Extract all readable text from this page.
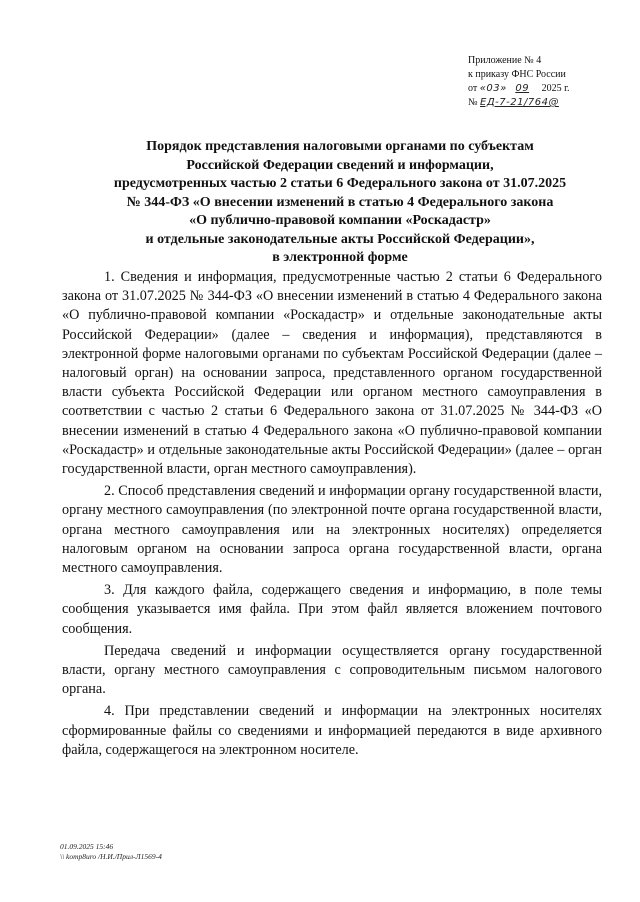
Приложение № 4
к приказу ФНС России
от «03» 09 2025 г.
№ ЕД-7-21/764@
Порядок представления налоговыми органами по субъектам
Российской Федерации сведений и информации,
предусмотренных частью 2 статьи 6 Федерального закона от 31.07.2025
№ 344-ФЗ «О внесении изменений в статью 4 Федерального закона
«О публично-правовой компании «Роскадастр»
и отдельные законодательные акты Российской Федерации»,
в электронной форме

1. Сведения и информация, предусмотренные частью 2 статьи 6 Федерального закона от 31.07.2025 № 344-ФЗ «О внесении изменений в статью 4 Федерального закона «О публично-правовой компании «Роскадастр» и отдельные законодательные акты Российской Федерации» (далее – сведения и информация), представляются в электронной форме налоговыми органами по субъектам Российской Федерации (далее – налоговый орган) на основании запроса, представленного органом государственной власти субъекта Российской Федерации или органом местного самоуправления в соответствии с частью 2 статьи 6 Федерального закона от 31.07.2025 № 344-ФЗ «О внесении изменений в статью 4 Федерального закона «О публично-правовой компании «Роскадастр» и отдельные законодательные акты Российской Федерации» (далее – орган государственной власти, орган местного самоуправления).

2. Способ представления сведений и информации органу государственной власти, органу местного самоуправления (по электронной почте органа государственной власти, органа местного самоуправления или на электронных носителях) определяется налоговым органом на основании запроса органа государственной власти, органа местного самоуправления.

3. Для каждого файла, содержащего сведения и информацию, в поле темы сообщения указывается имя файла. При этом файл является вложением почтового сообщения.

Передача сведений и информации осуществляется органу государственной власти, органу местного самоуправления с сопроводительным письмом налогового органа.

4. При представлении сведений и информации на электронных носителях сформированные файлы со сведениями и информацией передаются в виде архивного файла, содержащегося на электронном носителе.

01.09.2025 15:46
\\ komp8uro /Н.И./Прил-Л1569-4
